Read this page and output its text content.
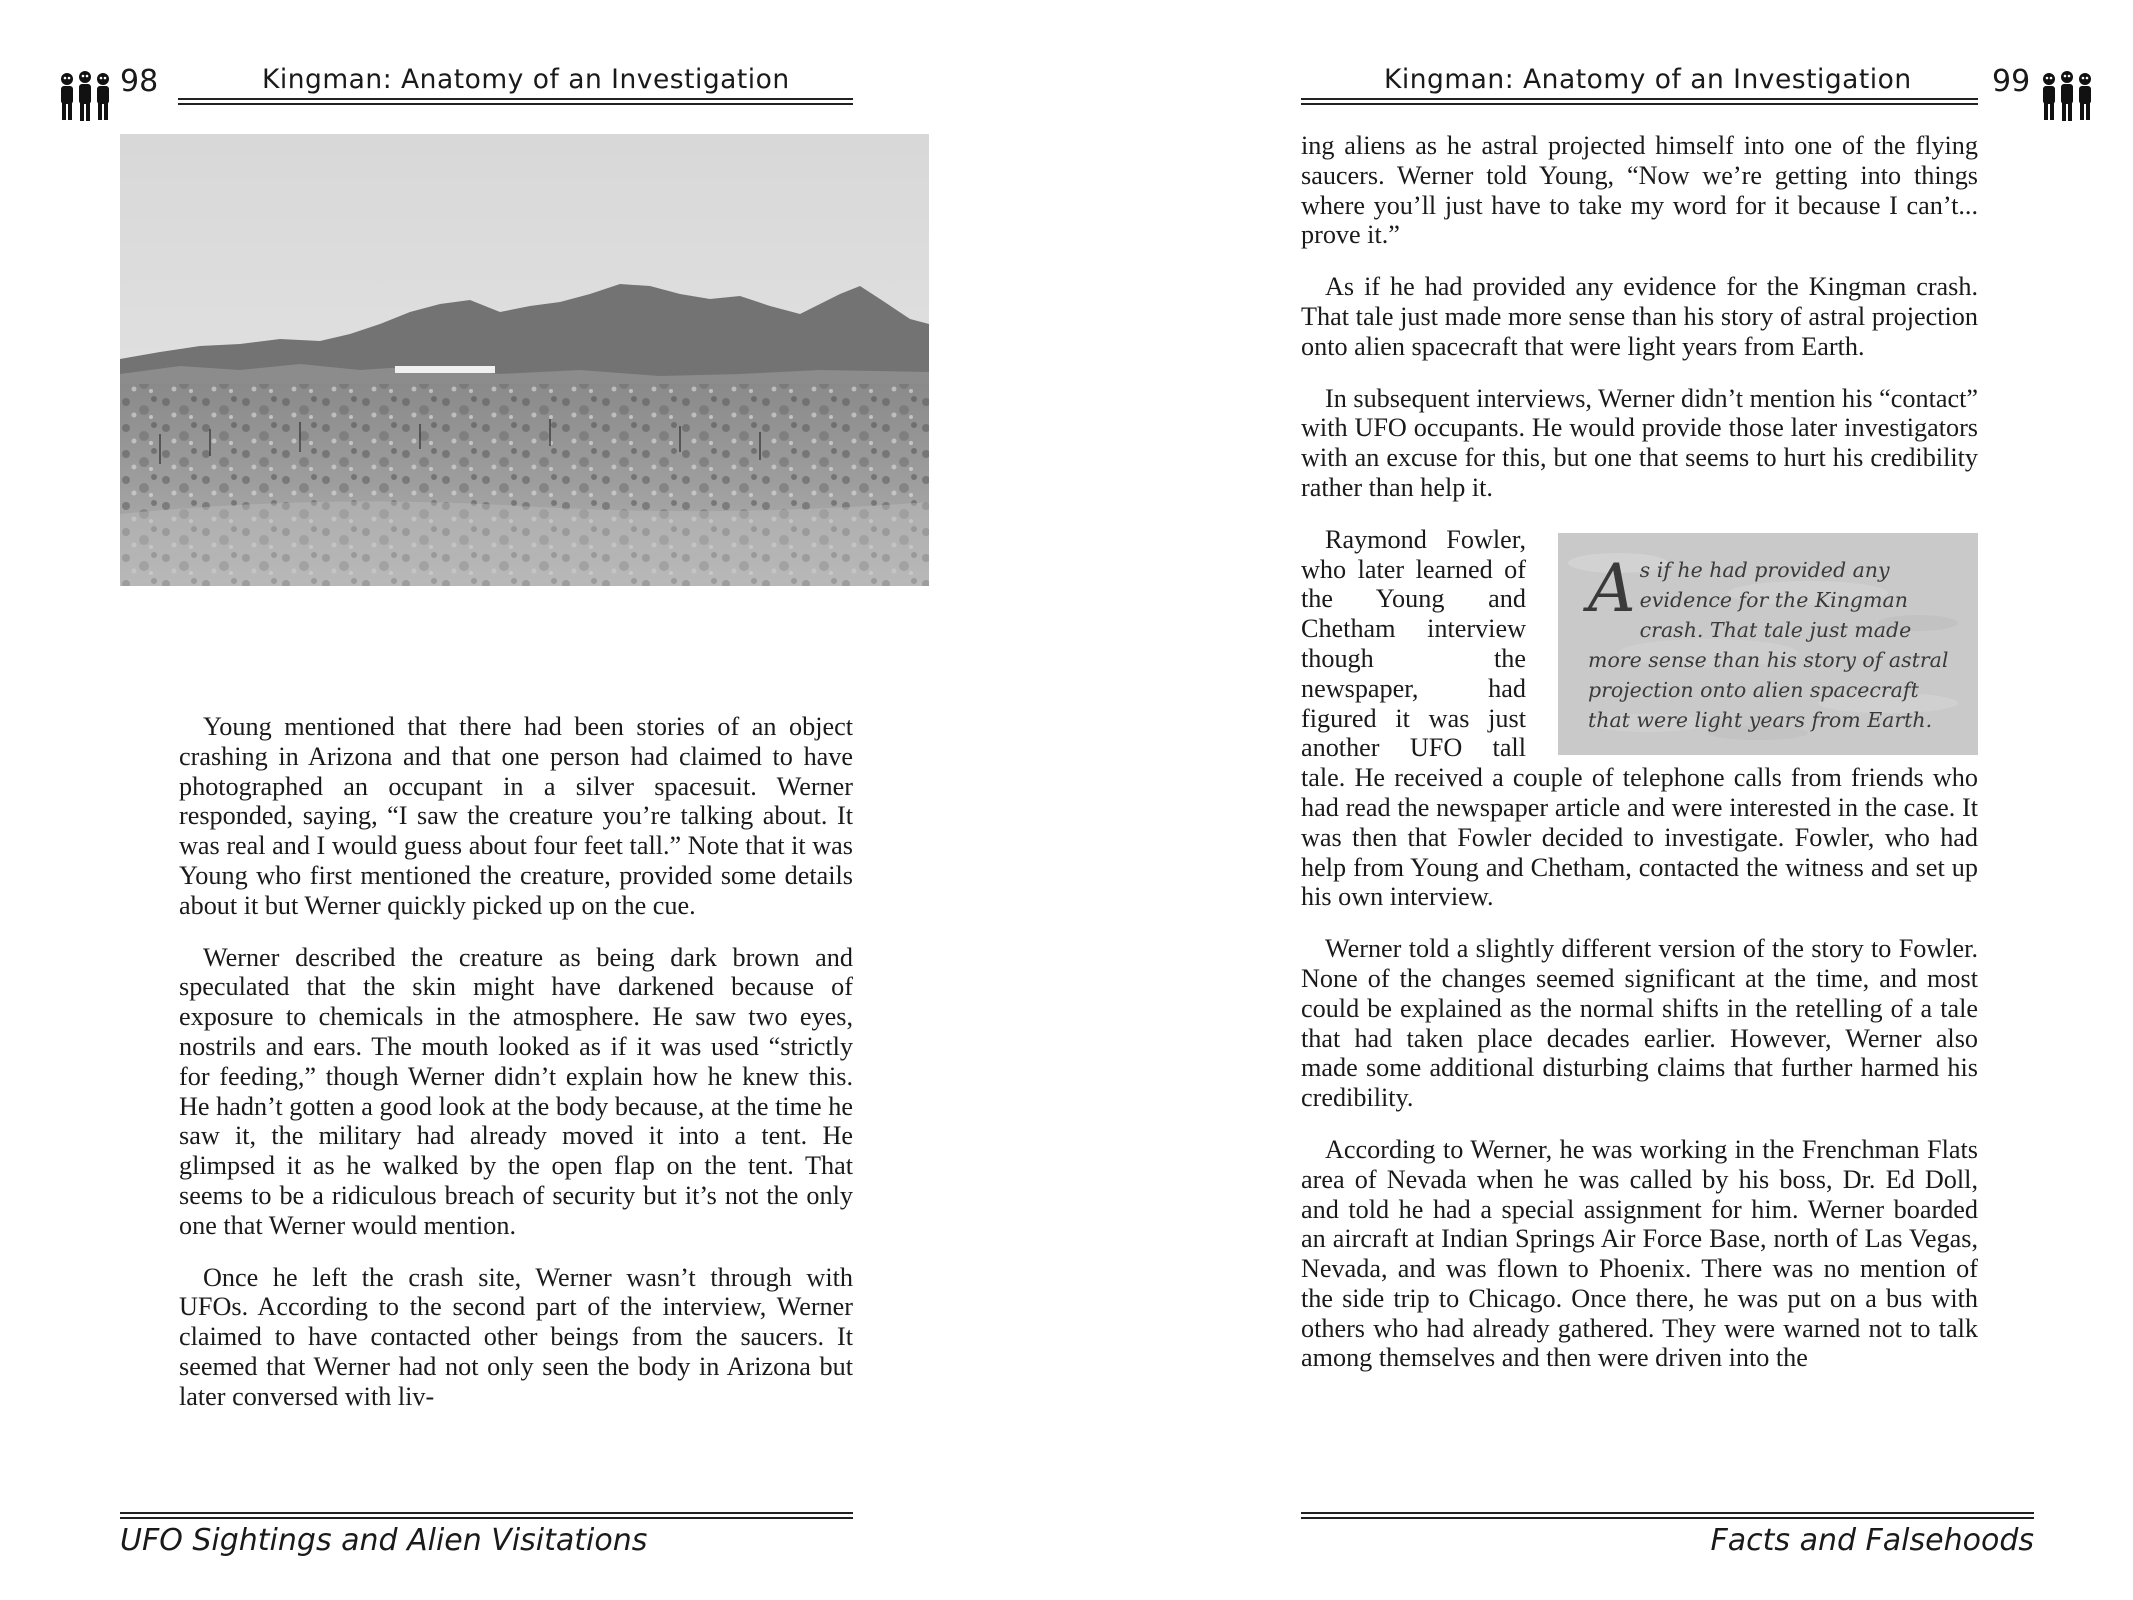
98	Kingman: Anatomy of an Investigation

Young mentioned that there had been stories of an object crashing in Arizona and that one person had claimed to have photographed an occupant in a silver spacesuit. Werner responded, saying, “I saw the creature you’re talking about. It was real and I would guess about four feet tall.” Note that it was Young who first mentioned the creature, provided some details about it but Werner quickly picked up on the cue.

Werner described the creature as being dark brown and speculated that the skin might have darkened because of exposure to chemicals in the atmosphere. He saw two eyes, nostrils and ears. The mouth looked as if it was used “strictly for feeding,” though Werner didn’t explain how he knew this. He hadn’t gotten a good look at the body because, at the time he saw it, the military had already moved it into a tent. He glimpsed it as he walked by the open flap on the tent. That seems to be a ridiculous breach of security but it’s not the only one that Werner would mention.

Once he left the crash site, Werner wasn’t through with UFOs. According to the second part of the interview, Werner claimed to have contacted other beings from the saucers. It seemed that Werner had not only seen the body in Arizona but later conversed with liv-

UFO Sightings and Alien Visitations
Kingman: Anatomy of an Investigation	99

ing aliens as he astral projected himself into one of the flying saucers. Werner told Young, “Now we’re getting into things where you’ll just have to take my word for it because I can’t... prove it.”

As if he had provided any evidence for the Kingman crash. That tale just made more sense than his story of astral projection onto alien spacecraft that were light years from Earth.

In subsequent interviews, Werner didn’t mention his “contact” with UFO occupants. He would provide those later investigators with an excuse for this, but one that seems to hurt his credibility rather than help it.

As if he had provided any evidence for the Kingman crash. That tale just made more sense than his story of astral projection onto alien spacecraft that were light years from Earth.

Raymond Fowler, who later learned of the Young and Chetham interview though the newspaper, had figured it was just another UFO tall tale. He received a couple of telephone calls from friends who had read the newspaper article and were interested in the case. It was then that Fowler decided to investigate. Fowler, who had help from Young and Chetham, contacted the witness and set up his own interview.

Werner told a slightly different version of the story to Fowler. None of the changes seemed significant at the time, and most could be explained as the normal shifts in the retelling of a tale that had taken place decades earlier. However, Werner also made some additional disturbing claims that further harmed his credibility.

According to Werner, he was working in the Frenchman Flats area of Nevada when he was called by his boss, Dr. Ed Doll, and told he had a special assignment for him. Werner boarded an aircraft at Indian Springs Air Force Base, north of Las Vegas, Nevada, and was flown to Phoenix. There was no mention of the side trip to Chicago. Once there, he was put on a bus with others who had already gathered. They were warned not to talk among themselves and then were driven into the

Facts and Falsehoods
